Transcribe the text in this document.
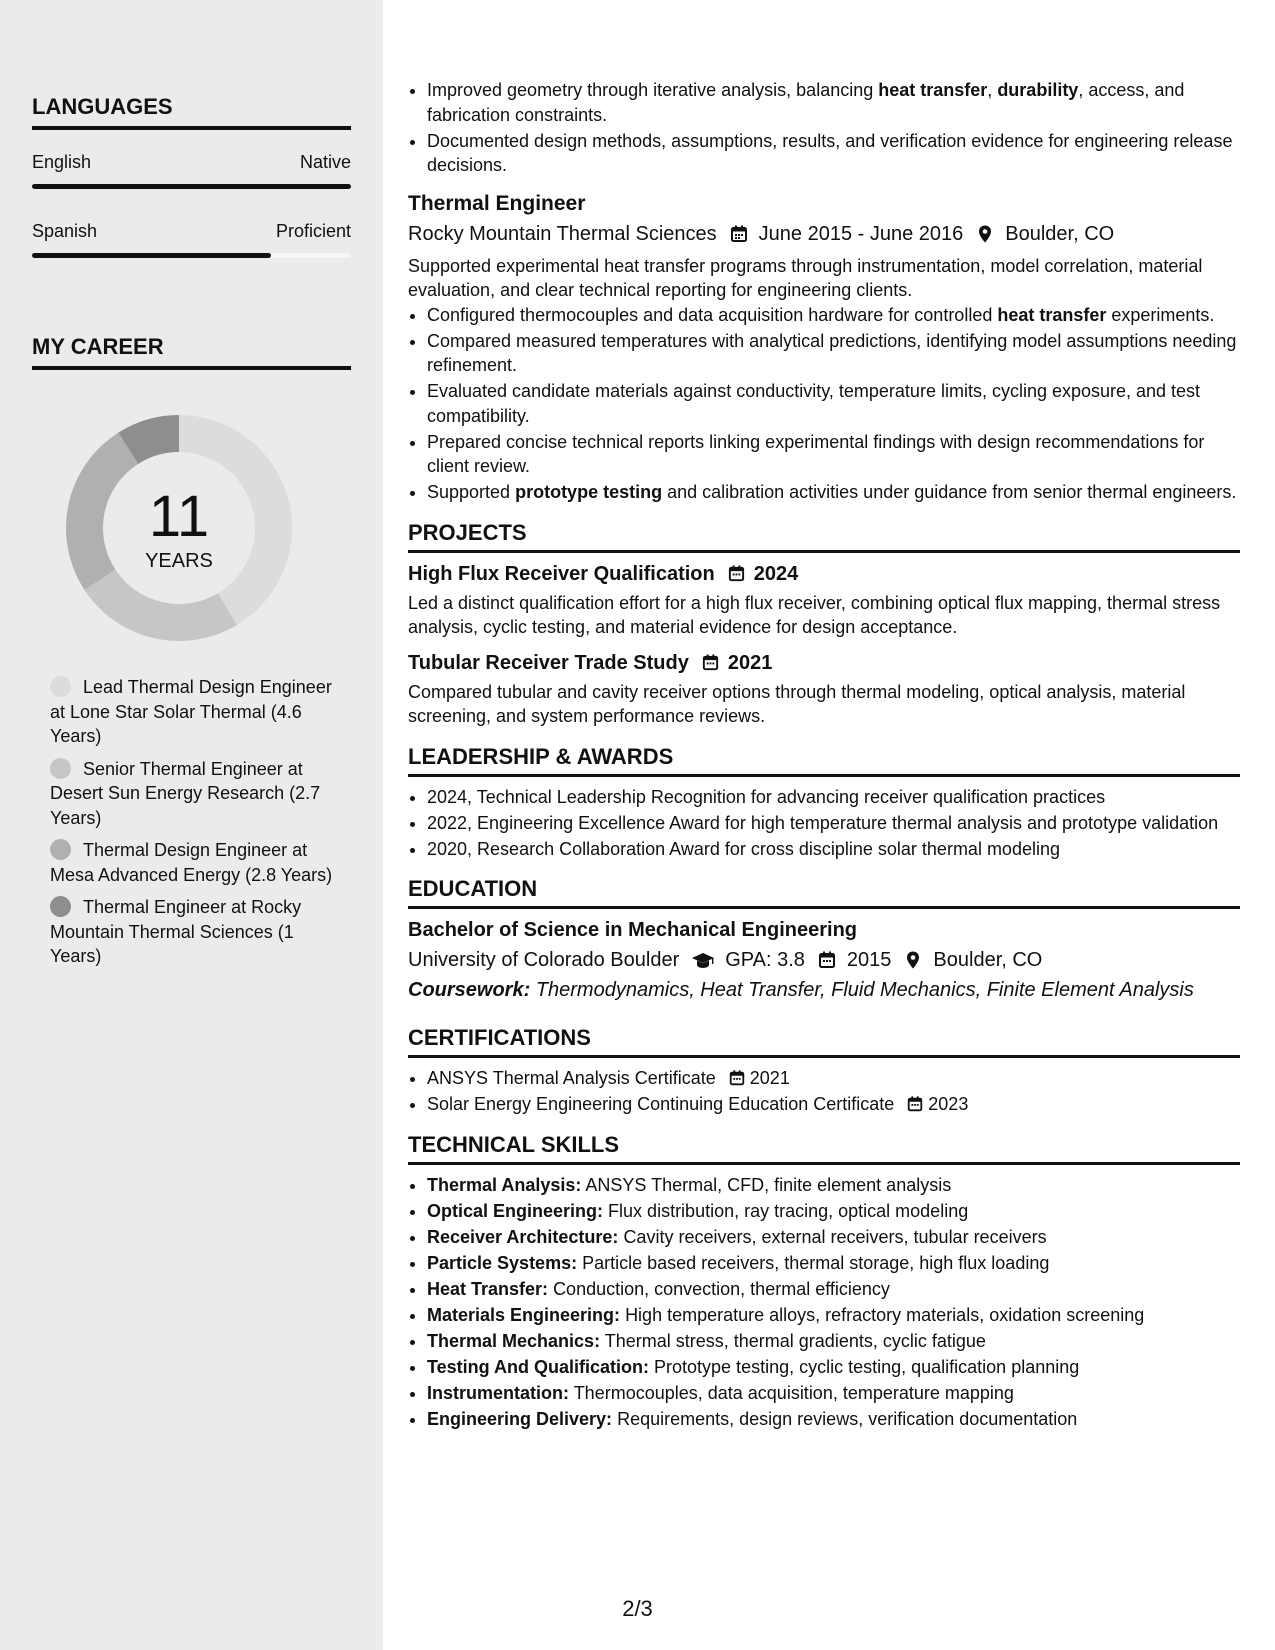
LANGUAGES
English	Native
Spanish	Proficient
MY CAREER
11
YEARS
Lead Thermal Design Engineer at Lone Star Solar Thermal (4.6 Years)
Senior Thermal Engineer at Desert Sun Energy Research (2.7 Years)
Thermal Design Engineer at Mesa Advanced Energy (2.8 Years)
Thermal Engineer at Rocky Mountain Thermal Sciences (1 Years)
• Improved geometry through iterative analysis, balancing heat transfer, durability, access, and fabrication constraints.
• Documented design methods, assumptions, results, and verification evidence for engineering release decisions.
Thermal Engineer
Rocky Mountain Thermal Sciences June 2015 - June 2016 Boulder, CO
Supported experimental heat transfer programs through instrumentation, model correlation, material evaluation, and clear technical reporting for engineering clients.
• Configured thermocouples and data acquisition hardware for controlled heat transfer experiments.
• Compared measured temperatures with analytical predictions, identifying model assumptions needing refinement.
• Evaluated candidate materials against conductivity, temperature limits, cycling exposure, and test compatibility.
• Prepared concise technical reports linking experimental findings with design recommendations for client review.
• Supported prototype testing and calibration activities under guidance from senior thermal engineers.
PROJECTS
High Flux Receiver Qualification 2024
Led a distinct qualification effort for a high flux receiver, combining optical flux mapping, thermal stress analysis, cyclic testing, and material evidence for design acceptance.
Tubular Receiver Trade Study 2021
Compared tubular and cavity receiver options through thermal modeling, optical analysis, material screening, and system performance reviews.
LEADERSHIP & AWARDS
• 2024, Technical Leadership Recognition for advancing receiver qualification practices
• 2022, Engineering Excellence Award for high temperature thermal analysis and prototype validation
• 2020, Research Collaboration Award for cross discipline solar thermal modeling
EDUCATION
Bachelor of Science in Mechanical Engineering
University of Colorado Boulder GPA: 3.8 2015 Boulder, CO
Coursework: Thermodynamics, Heat Transfer, Fluid Mechanics, Finite Element Analysis
CERTIFICATIONS
• ANSYS Thermal Analysis Certificate 2021
• Solar Energy Engineering Continuing Education Certificate 2023
TECHNICAL SKILLS
• Thermal Analysis: ANSYS Thermal, CFD, finite element analysis
• Optical Engineering: Flux distribution, ray tracing, optical modeling
• Receiver Architecture: Cavity receivers, external receivers, tubular receivers
• Particle Systems: Particle based receivers, thermal storage, high flux loading
• Heat Transfer: Conduction, convection, thermal efficiency
• Materials Engineering: High temperature alloys, refractory materials, oxidation screening
• Thermal Mechanics: Thermal stress, thermal gradients, cyclic fatigue
• Testing And Qualification: Prototype testing, cyclic testing, qualification planning
• Instrumentation: Thermocouples, data acquisition, temperature mapping
• Engineering Delivery: Requirements, design reviews, verification documentation
2/3
